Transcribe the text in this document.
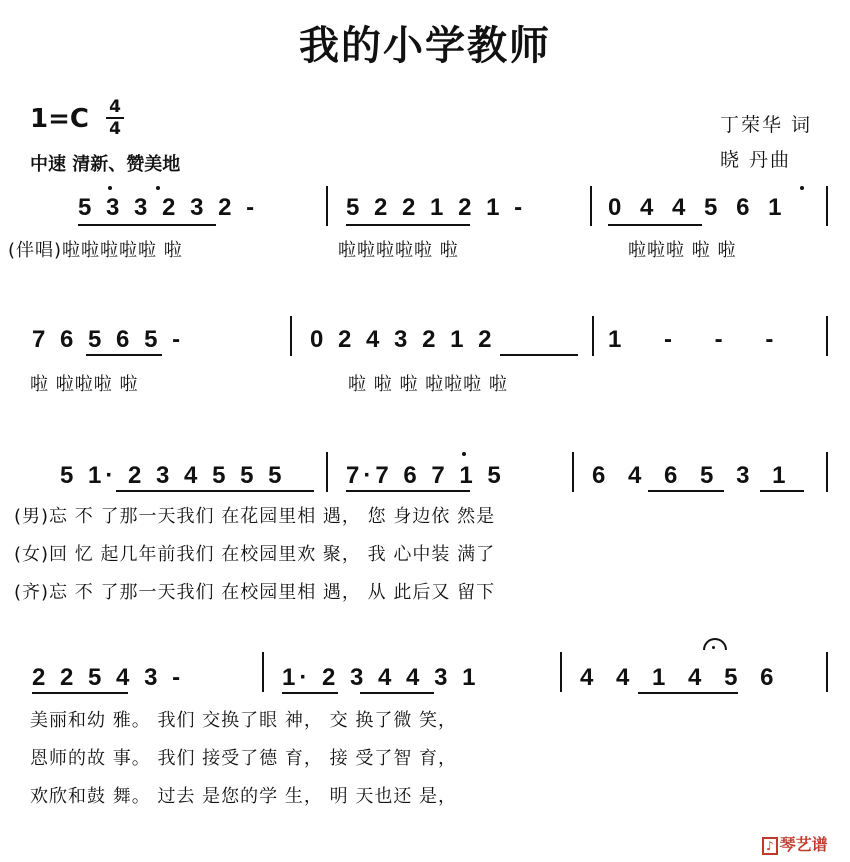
我的小学教师
1=C 4
4
中速 清新、赞美地
丁荣华 词
晓 丹曲
5 3 3 2 3 2 -	5 2 2 1 2 1 -	0 4 4 5 6 1
(伴唱)啦啦啦啦啦 啦	啦啦啦啦啦 啦	啦啦啦 啦 啦
7 6 5 6 5 -	0 2 4 3 2 1 2	1 - - -
啦 啦啦啦 啦	啦 啦 啦 啦啦啦 啦
5 1· 2 3 4 5 5 5	7·7 6 7 1 5	6 4 6 5 3 1
(男)忘 不 了那一天我们 在花园里相 遇， 您 身边依 然是
(女)回 忆 起几年前我们 在校园里欢 聚， 我 心中装 满了
(齐)忘 不 了那一天我们 在校园里相 遇， 从 此后又 留下
2 2 5 4 3 -	1· 2 3 4 4 3 1	4 4 1 4 5 6
美丽和幼 雅。 我们 交换了眼 神， 交 换了微 笑，
恩师的故 事。 我们 接受了德 育， 接 受了智 育，
欢欣和鼓 舞。 过去 是您的学 生， 明 天也还 是，
♪ 琴艺谱
